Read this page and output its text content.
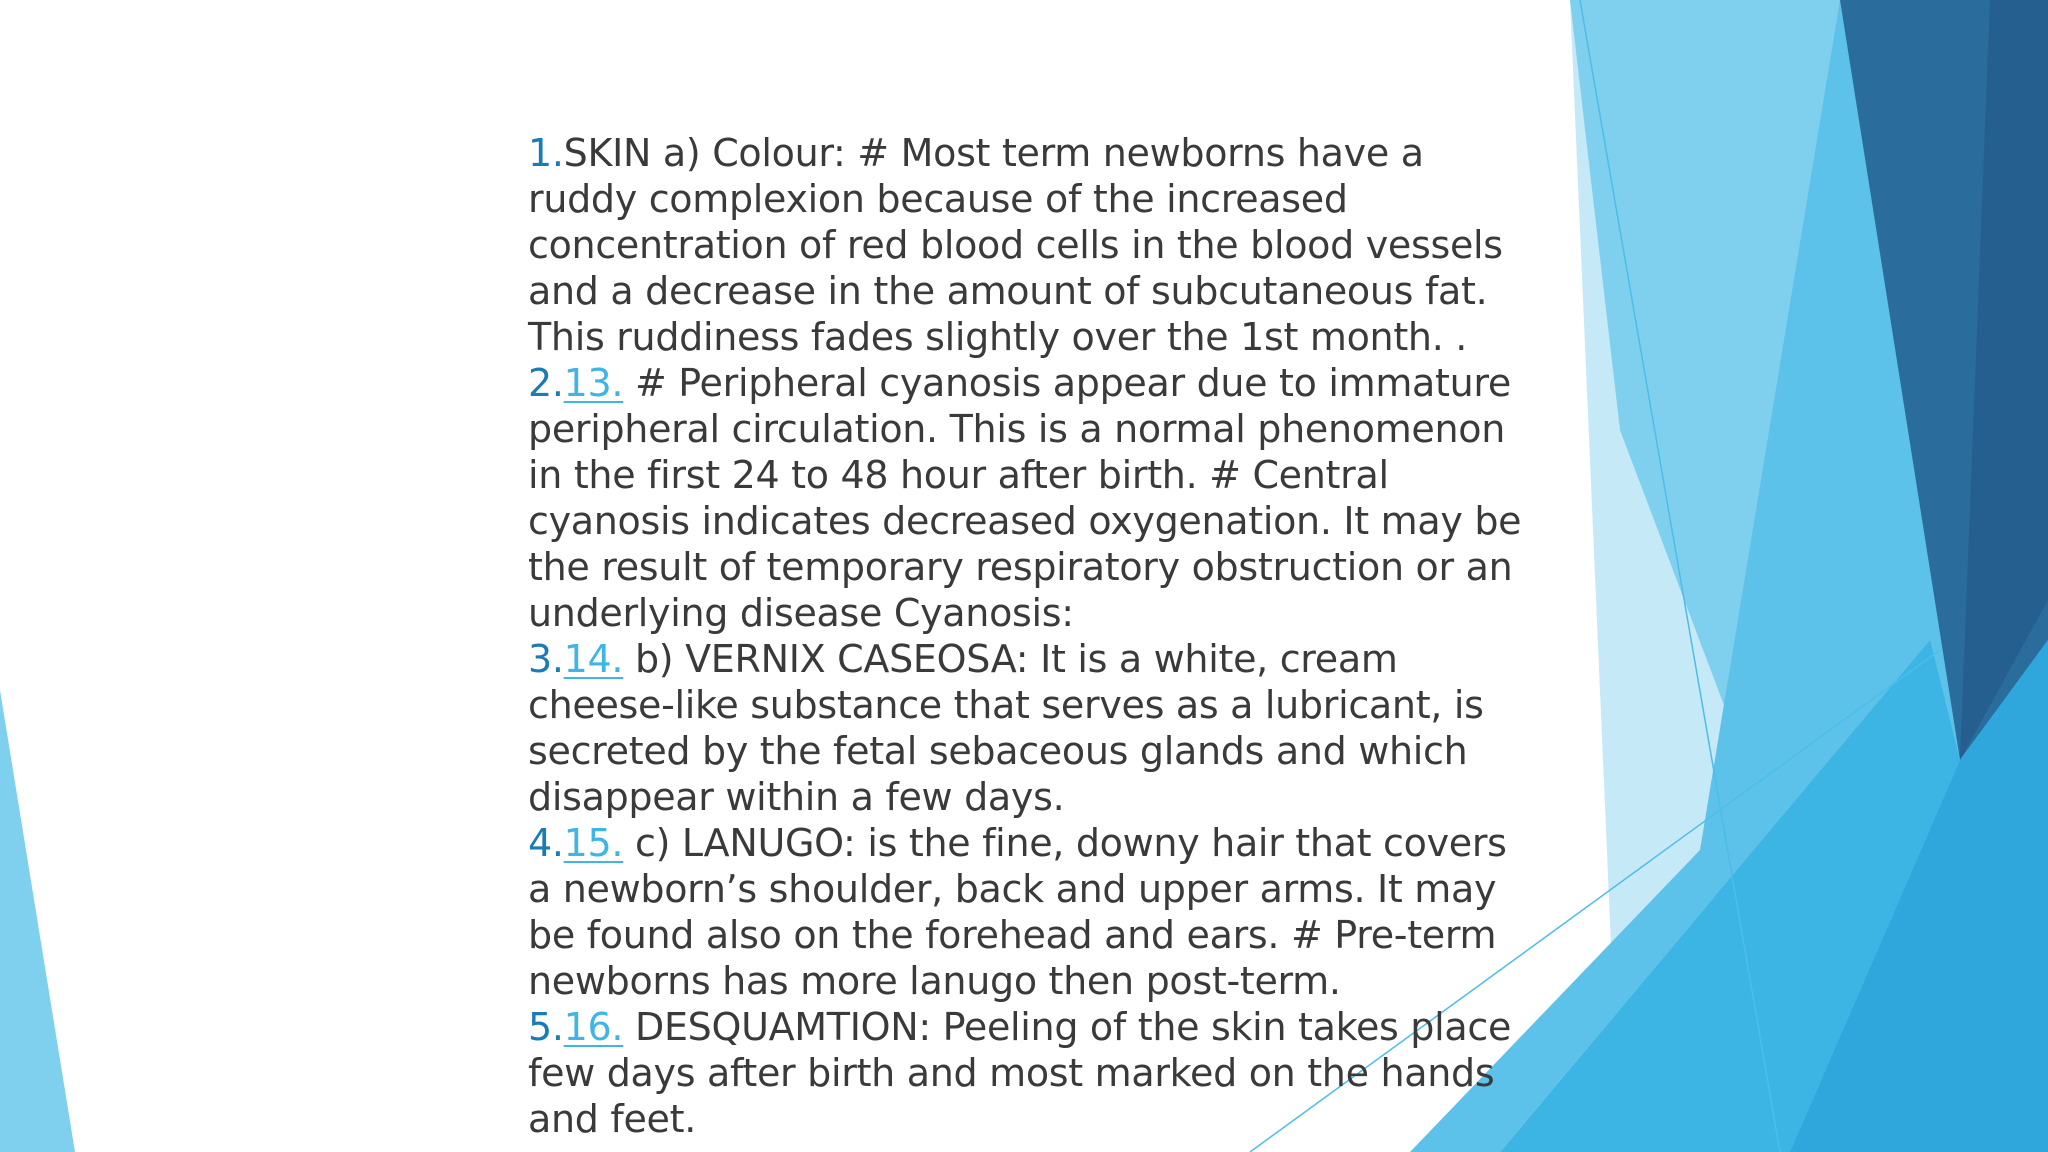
1.SKIN a) Colour: # Most term newborns have a ruddy complexion because of the increased concentration of red blood cells in the blood vessels and a decrease in the amount of subcutaneous fat. This ruddiness fades slightly over the 1st month. .

2.13. # Peripheral cyanosis appear due to immature peripheral circulation. This is a normal phenomenon in the first 24 to 48 hour after birth. # Central cyanosis indicates decreased oxygenation. It may be the result of temporary respiratory obstruction or an underlying disease Cyanosis:

3.14. b) VERNIX CASEOSA: It is a white, cream cheese-like substance that serves as a lubricant, is secreted by the fetal sebaceous glands and which disappear within a few days.

4.15. c) LANUGO: is the fine, downy hair that covers a newborn’s shoulder, back and upper arms. It may be found also on the forehead and ears. # Pre-term newborns has more lanugo then post-term.

5.16. DESQUAMTION: Peeling of the skin takes place few days after birth and most marked on the hands and feet.
